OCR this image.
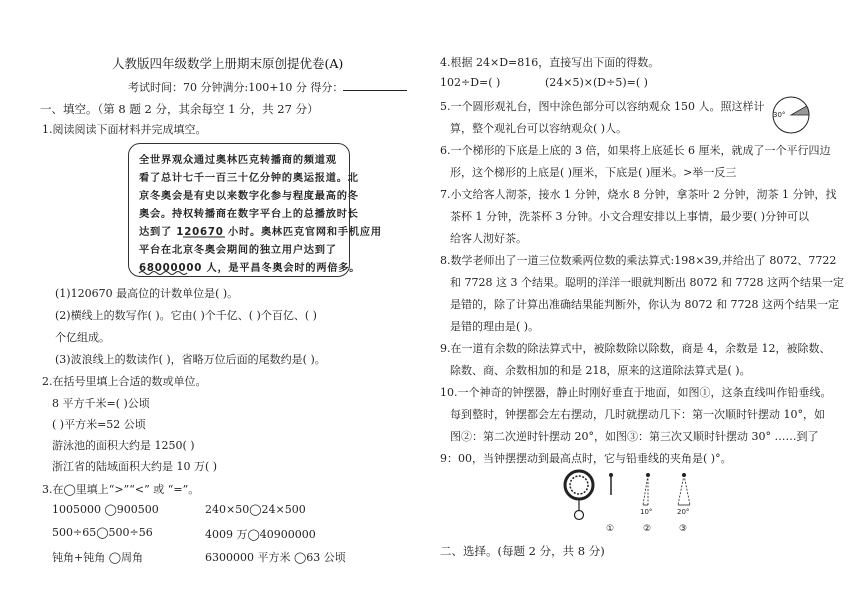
人教版四年级数学上册期末原创提优卷(A)
考试时间：70 分钟满分:100+10 分 得分：
一、填空。（第 8 题 2 分，其余每空 1 分，共 27 分）
1.阅读阅读下面材料并完成填空。
全世界观众通过奥林匹克转播商的频道观
看了总计七千一百三十亿分钟的奥运报道。北
京冬奥会是有史以来数字化参与程度最高的冬
奥会。持权转播商在数字平台上的总播放时长
达到了 120670 小时。奥林匹克官网和手机应用
平台在北京冬奥会期间的独立用户达到了
68000000 人，是平昌冬奥会时的两倍多。
(1)120670 最高位的计数单位是( )。
(2)横线上的数写作( )。它由( )个千亿、( )个百亿、( )
个亿组成。
(3)波浪线上的数读作( )，省略万位后面的尾数约是( )。
2.在括号里填上合适的数或单位。
8 平方千米=( )公顷
( )平方米=52 公顷
游泳池的面积大约是 1250( )
浙江省的陆域面积大约是 10 万( )
3.在◯里填上“>”“<” 或 “=”。
1005000 ◯900500	240×50◯24×500
500÷65◯500÷56	4009 万◯40900000
钝角+钝角 ◯周角	6300000 平方米 ◯63 公顷
4.根据 24×D=816，直接写出下面的得数。
102÷D=( )	(24×5)×(D÷5)=( )
5.一个圆形观礼台，图中涂色部分可以容纳观众 150 人。照这样计
算，整个观礼台可以容纳观众( )人。
30°
6.一个梯形的下底是上底的 3 倍，如果将上底延长 6 厘米，就成了一个平行四边
形，这个梯形的上底是( )厘米，下底是( )厘米。>举一反三
7.小文给客人沏茶，接水 1 分钟，烧水 8 分钟，拿茶叶 2 分钟，沏茶 1 分钟，找
茶杯 1 分钟，洗茶杯 3 分钟。小文合理安排以上事情，最少要( )分钟可以
给客人沏好茶。
8.数学老师出了一道三位数乘两位数的乘法算式:198×39,并给出了 8072、7722
和 7728 这 3 个结果。聪明的洋洋一眼就判断出 8072 和 7728 这两个结果一定
是错的，除了计算出准确结果能判断外，你认为 8072 和 7728 这两个结果一定
是错的理由是( )。
9.在一道有余数的除法算式中，被除数除以除数，商是 4，余数是 12，被除数、
除数、商、余数相加的和是 218，原来的这道除法算式是( )。
10.一个神奇的钟摆器，静止时刚好垂直于地面，如图①，这条直线叫作铅垂线。
每到整时，钟摆都会左右摆动，几时就摆动几下：第一次顺时针摆动 10°，如
图②：第二次逆时针摆动 20°，如图③：第三次又顺时针摆动 30° ……到了
9：00，当钟摆摆动到最高点时，它与铅垂线的夹角是( )°。
10°	20°
①	②	③
二、选择。(每题 2 分，共 8 分)
